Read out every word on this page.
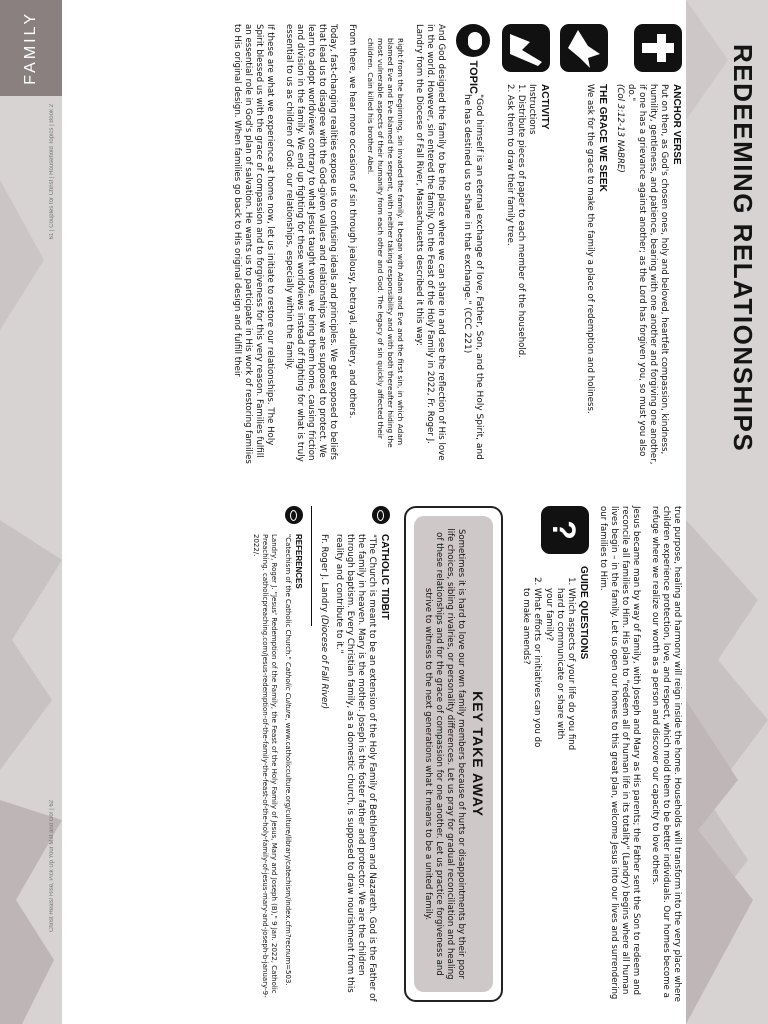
REDEEMING RELATIONSHIPS
FAMILY
61 | Couples for Christ | Household Topics | Book 2
Christ Heals! Rise, Pick Up Your Mat and Go! | 62
ANCHOR VERSE
Put on then, as God's chosen ones, holy and beloved, heartfelt compassion, kindness, humility, gentleness, and patience, bearing with one another and forgiving one another, if one has a grievance against another; as the Lord has forgiven you, so must you also do."
(Col 3:12-13 NABRE)
THE GRACE WE SEEK
We ask for the grace to make the family a place of redemption and holiness.
ACTIVITY
Instructions
1. Distribute pieces of paper to each member of the household.
2. Ask them to draw their family tree.
TOPIC
"God himself is an eternal exchange of love, Father, Son, and the Holy Spirit, and he has destined us to share in that exchange." (CCC 221)

And God designed the family to be the place where we can share in and see the reflection of His love in the world. However, sin entered the family. On the Feast of the Holy Family in 2022, Fr. Roger J. Landry from the Diocese of Fall River, Massachusetts described it this way:

Right from the beginning, sin invaded the family. It began with Adam and Eve and the first sin, in which Adam blamed Eve and Eve blamed the serpent, with neither taking responsibility and with both thereafter hiding the most vulnerable aspects of their humanity from each other and God. The legacy of sin quickly affected their children. Cain killed his brother Abel.

From there, we hear more occasions of sin through jealousy, betrayal, adultery, and others.

Today, fast-changing realities expose us to confusing ideals and principles. We get exposed to beliefs that lead us to disagree with the God-given values and relationships we are supposed to protect. We learn to adopt worldviews contrary to what Jesus taught worse, we bring them home, causing friction and division in the family. We end up fighting for these worldviews instead of fighting for what is truly essential to us as children of God: our relationships, especially within the family.

If these are what we experience at home now, let us initiate to restore our relationships. The Holy Spirit blessed us with the grace of compassion and to forgiveness for this very reason. Families fulfill an essential role in God's plan of salvation. He wants us to participate in His work of restoring families to His original design. When families go back to His original design and fulfill their

true purpose, healing and harmony will reign inside the home. Households will transform into the very place where children experience protection, love, and respect, which mold them to be better individuals. Our homes become a refuge where we realize our worth as a person and discover our capacity to love others.

Jesus became man by way of family, with Joseph and Mary as His parents; the Father sent the Son to redeem and reconcile all families to Him. His plan to "redeem all of human life in its totality" (Landry) begins where all human lives begin – in the family. Let us open our homes to this great plan, welcome Jesus into our lives and surrendering our families to Him.

?
GUIDE QUESTIONS
1. Which aspects of your life do you find hard to communicate or share with your family?
2. What efforts or initiatives can you do to make amends?
KEY TAKE AWAY
Sometimes it is hard to love our own family members because of hurts or disappointments by their poor life choices, sibling rivalries, or personality differences. Let us pray for gradual reconciliation and healing of these relationships and for the grace of compassion for one another. Let us practice forgiveness and strive to witness to the next generations what it means to be a united family.
CATHOLIC TIDBIT
"The Church is meant to be an extension of the Holy Family of Bethlehem and Nazareth. God is the Father of the family in heaven. Mary is the mother. Joseph is the foster father and protector. We are the children through baptism. Every Christian family, as a domestic church, is supposed to draw nourishment from this reality and contribute to it."
Fr. Roger J. Landry (Diocese of Fall River)
REFERENCES
"Catechism of the Catholic Church." Catholic Culture, www.catholicculture.org/culture/library/catechism/index.cfm?recnum=503.
Landry, Roger J. "Jesus' Redemption of the Family, the Feast of the Holy Family of Jesus, Mary and Joseph (B)," 9 Jan. 2022, Catholic Preaching. catholicpreaching.com/jesus-redemption-of-the-family-the-feast-of-the-holy-family-of-jesus-mary-and-joseph-b-january-9-2022/.
